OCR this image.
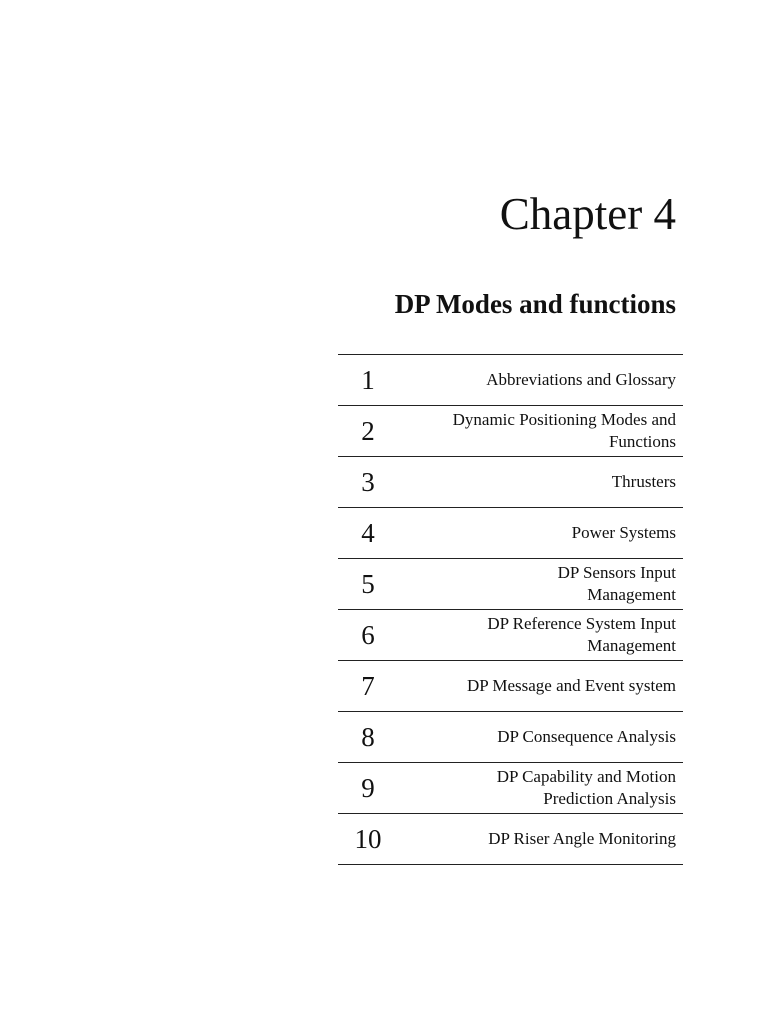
Chapter 4
DP Modes and functions
1	Abbreviations and Glossary
2	Dynamic Positioning Modes and
Functions
3	Thrusters
4	Power Systems
5	DP Sensors Input
Management
6	DP Reference System Input
Management
7	DP Message and Event system
8	DP Consequence Analysis
9	DP Capability and Motion
Prediction Analysis
10	DP Riser Angle Monitoring
